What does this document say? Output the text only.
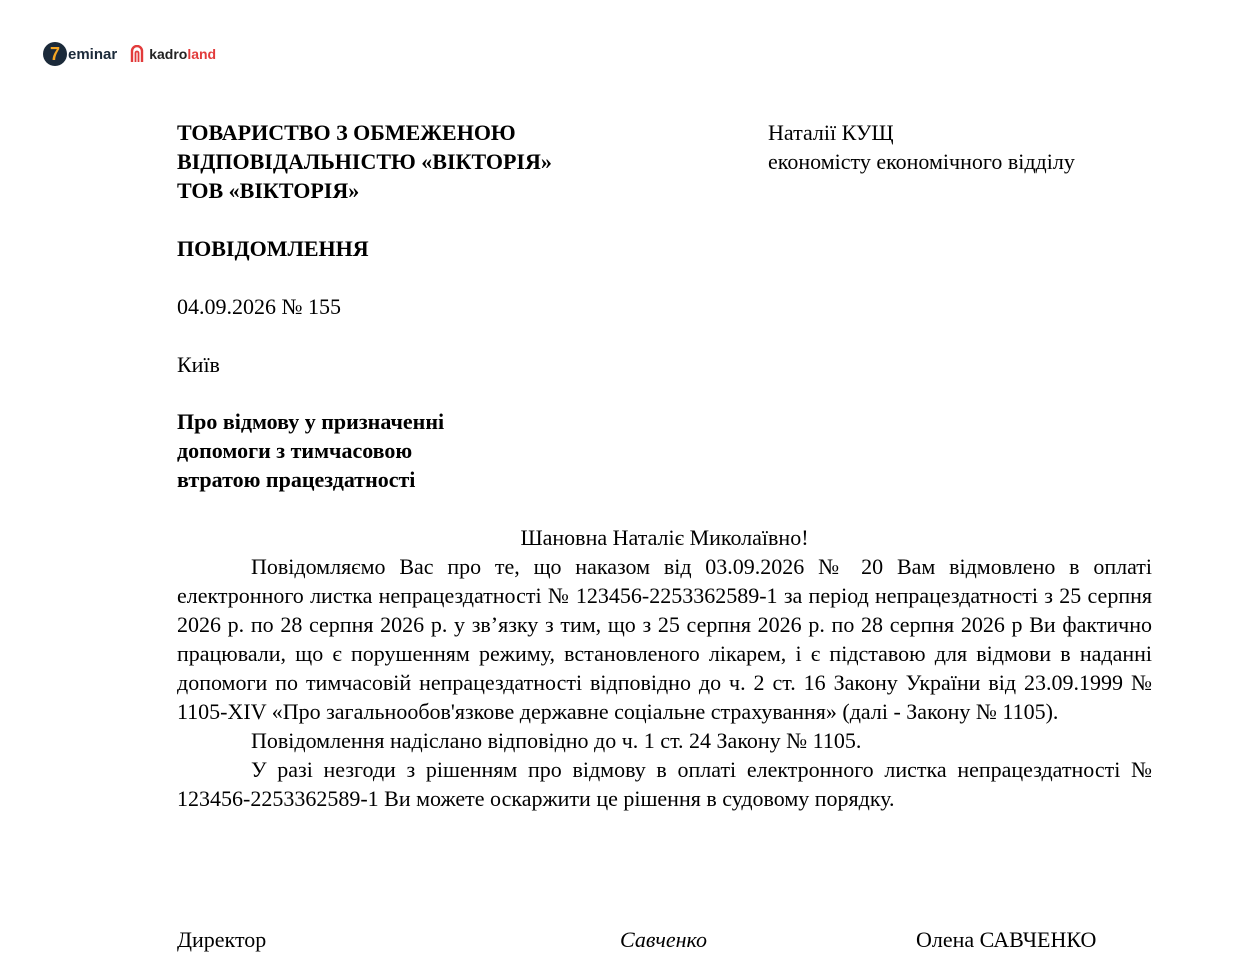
7 eminar kadro land
ТОВАРИСТВО З ОБМЕЖЕНОЮ
ВІДПОВІДАЛЬНІСТЮ «ВІКТОРІЯ»
ТОВ «ВІКТОРІЯ»
Наталії КУЩ
економісту економічного відділу
ПОВІДОМЛЕННЯ
04.09.2026 № 155
Київ
Про відмову у призначенні
допомоги з тимчасовою
втратою працездатності
Шановна Наталіє Миколаївно!

Повідомляємо Вас про те, що наказом від 03.09.2026 № 20 Вам відмовлено в оплаті електронного листка непрацездатності № 123456-2253362589-1 за період непрацездатності з 25 серпня 2026 р. по 28 серпня 2026 р. у зв’язку з тим, що з 25 серпня 2026 р. по 28 серпня 2026 р Ви фактично працювали, що є порушенням режиму, встановленого лікарем, і є підставою для відмови в наданні допомоги по тимчасовій непрацездатності відповідно до ч. 2 ст. 16 Закону України від 23.09.1999 № 1105-XIV «Про загальнообов'язкове державне соціальне страхування» (далі - Закону № 1105).

Повідомлення надіслано відповідно до ч. 1 ст. 24 Закону № 1105.

У разі незгоди з рішенням про відмову в оплаті електронного листка непрацездатності № 123456-2253362589-1 Ви можете оскаржити це рішення в судовому порядку.

Директор	Савченко	Олена САВЧЕНКО
